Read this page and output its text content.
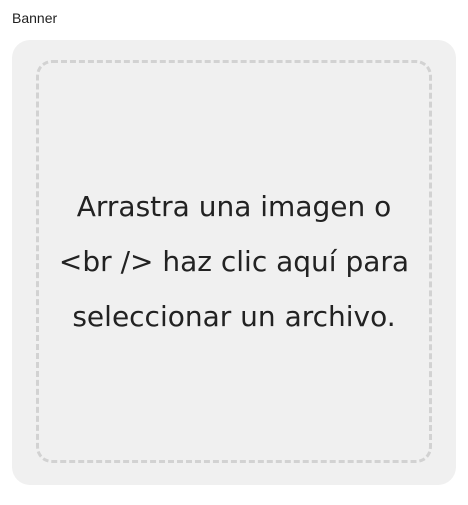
Banner

Arrastra una imagen o <br /> haz clic aquí para seleccionar un archivo.
